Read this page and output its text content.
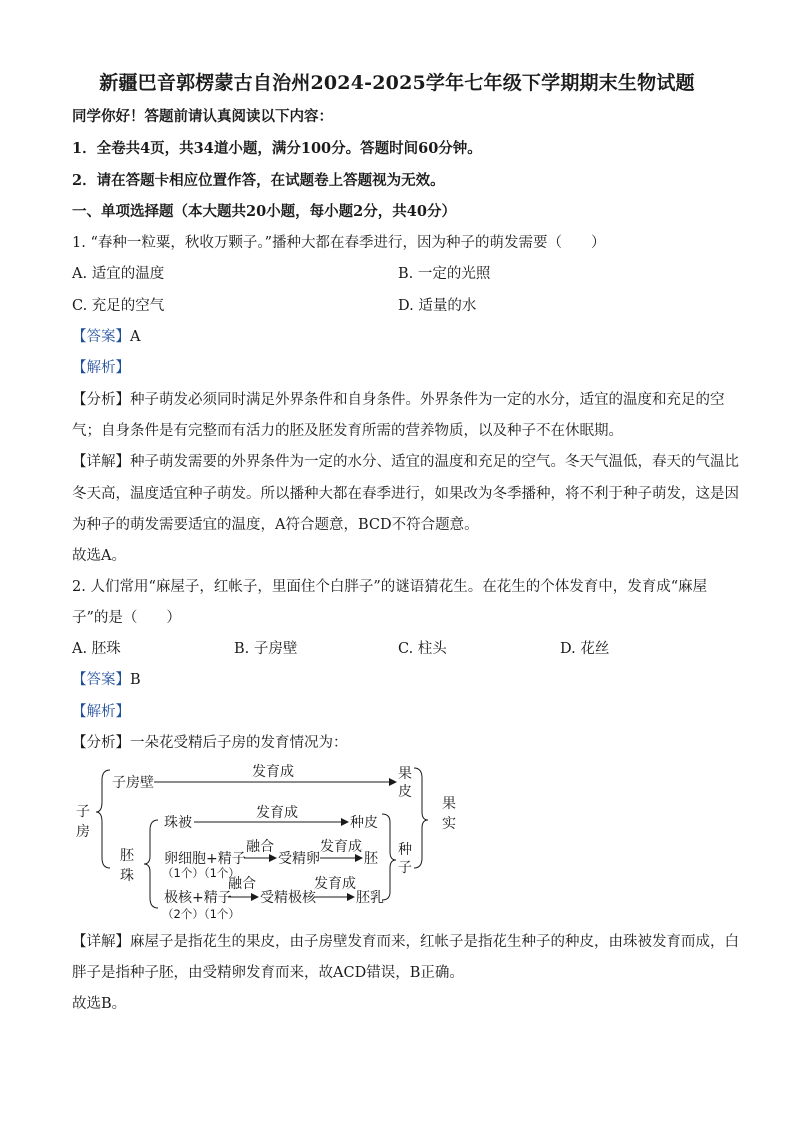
新疆巴音郭楞蒙古自治州2024-2025学年七年级下学期期末生物试题
同学你好！答题前请认真阅读以下内容：
1．全卷共4页，共34道小题，满分100分。答题时间60分钟。
2．请在答题卡相应位置作答，在试题卷上答题视为无效。
一、单项选择题（本大题共20小题，每小题2分，共40分）
1. “春种一粒粟，秋收万颗子。”播种大都在春季进行，因为种子的萌发需要（　　）
A. 适宜的温度	B. 一定的光照
C. 充足的空气	D. 适量的水
【答案】A
【解析】
【分析】种子萌发必须同时满足外界条件和自身条件。外界条件为一定的水分，适宜的温度和充足的空
气；自身条件是有完整而有活力的胚及胚发育所需的营养物质，以及种子不在休眠期。
【详解】种子萌发需要的外界条件为一定的水分、适宜的温度和充足的空气。冬天气温低，春天的气温比
冬天高，温度适宜种子萌发。所以播种大都在春季进行，如果改为冬季播种，将不利于种子萌发，这是因
为种子的萌发需要适宜的温度，A符合题意，BCD不符合题意。
故选A。
2. 人们常用“麻屋子，红帐子，里面住个白胖子”的谜语猜花生。在花生的个体发育中，发育成“麻屋
子”的是（　　）
A. 胚珠	B. 子房壁	C. 柱头	D. 花丝
【答案】B
【解析】
【分析】一朵花受精后子房的发育情况为：
子
房
子房壁
发育成	果
皮
果
实
胚
珠
珠被
发育成
种皮
种
子
卵细胞+精子
融合
受精卵
发育成
胚
（1个）（1个）
极核+精子
融合
受精极核
发育成
胚乳
（2个）（1个）
【详解】麻屋子是指花生的果皮，由子房壁发育而来，红帐子是指花生种子的种皮，由珠被发育而成，白
胖子是指种子胚，由受精卵发育而来，故ACD错误，B正确。
故选B。
